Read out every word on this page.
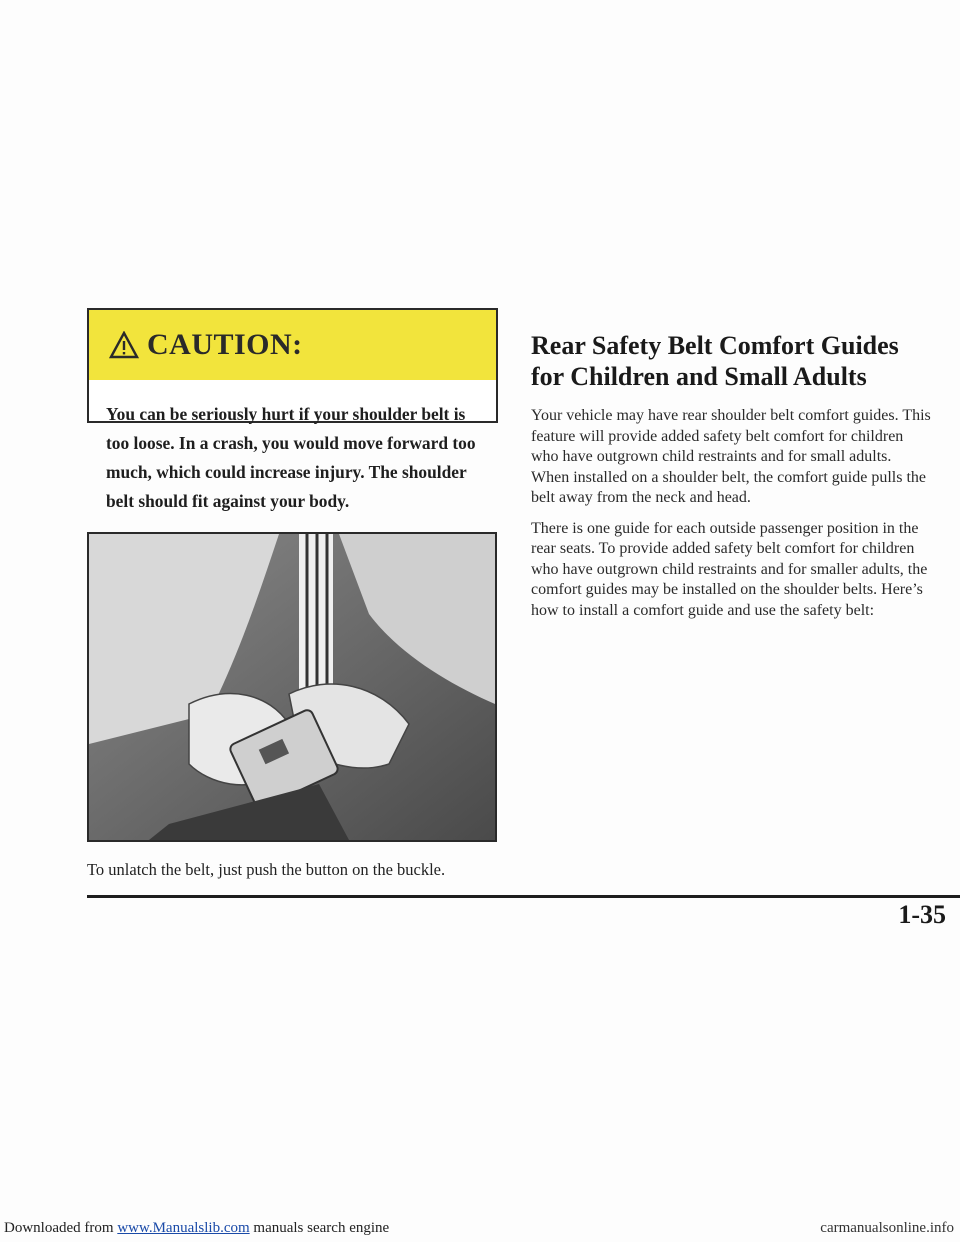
CAUTION:
You can be seriously hurt if your shoulder belt is too loose. In a crash, you would move forward too much, which could increase injury. The shoulder belt should fit against your body.
To unlatch the belt, just push the button on the buckle.
Rear Safety Belt Comfort Guides for Children and Small Adults

Your vehicle may have rear shoulder belt comfort guides. This feature will provide added safety belt comfort for children who have outgrown child restraints and for small adults. When installed on a shoulder belt, the comfort guide pulls the belt away from the neck and head.

There is one guide for each outside passenger position in the rear seats. To provide added safety belt comfort for children who have outgrown child restraints and for smaller adults, the comfort guides may be installed on the shoulder belts. Here’s how to install a comfort guide and use the safety belt:

1-35
Downloaded from www.Manualslib.com manuals search engine	carmanualsonline.info
